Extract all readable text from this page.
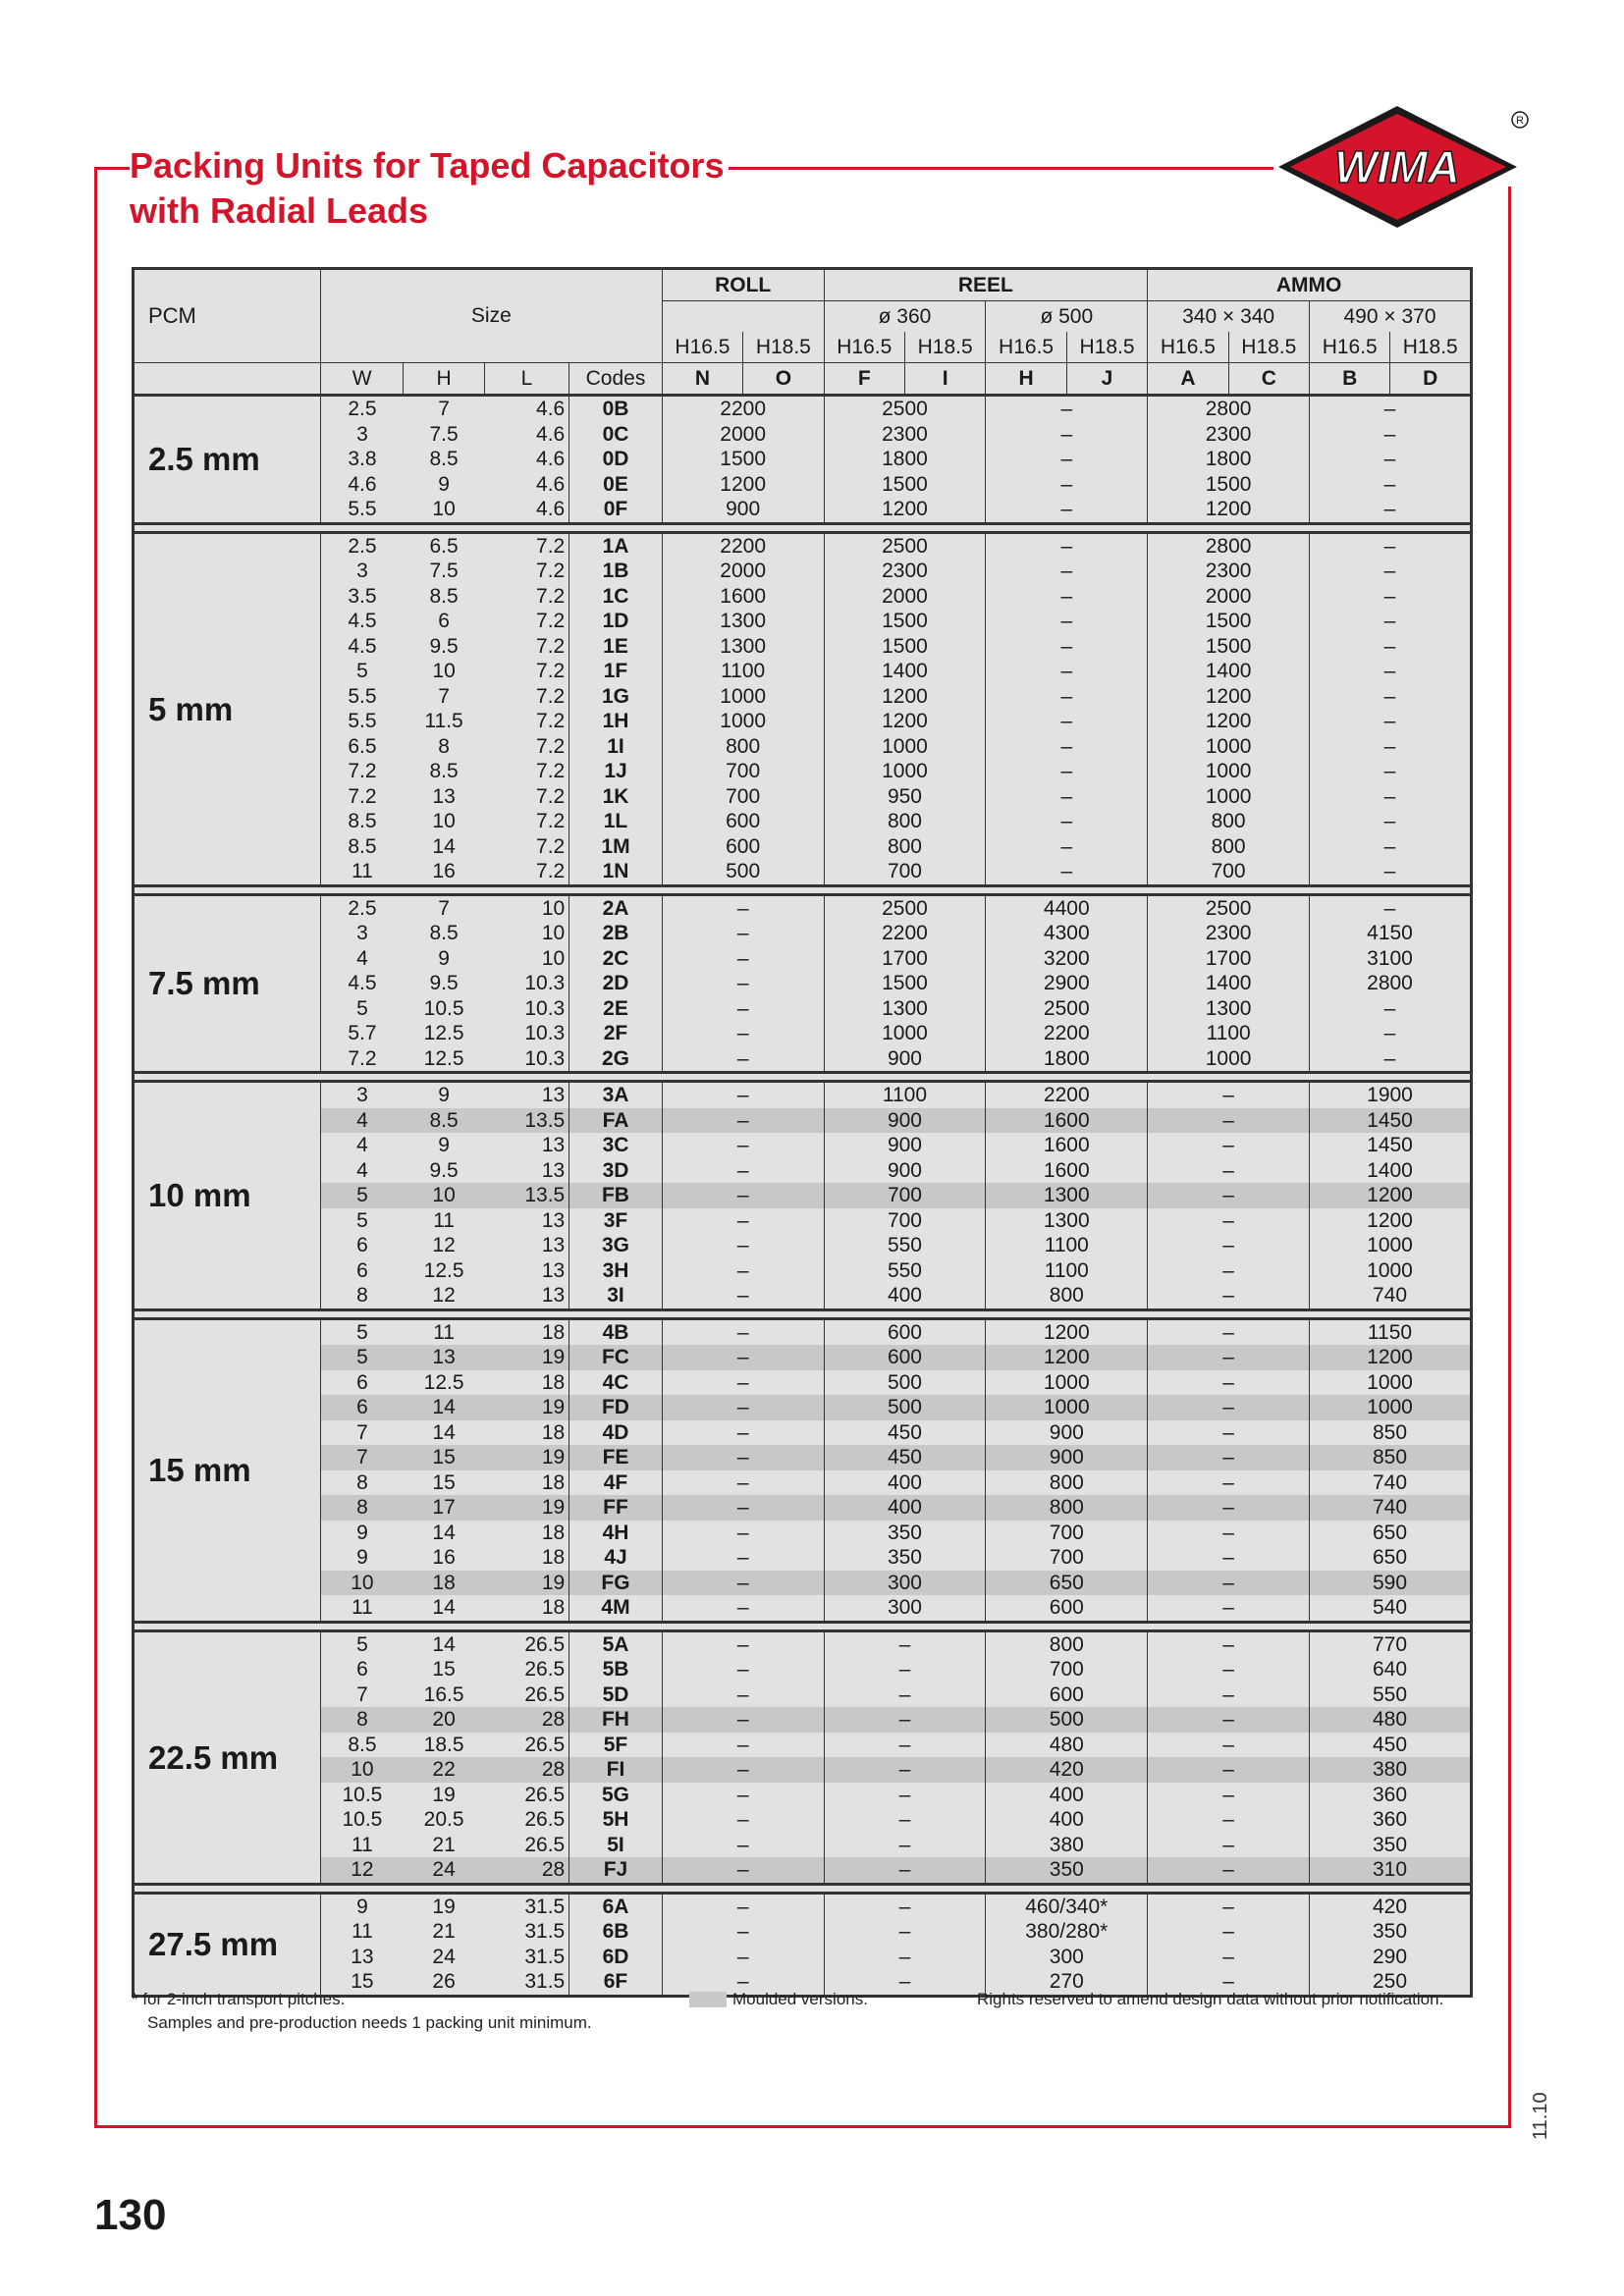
Packing Units for Taped Capacitors
with Radial Leads
WIMA
R
PCM	Size				ROLL		REEL				AMMO			
							ø 360		ø 500		340 × 340		490 × 370	
					H16.5	H18.5	H16.5	H18.5	H16.5	H18.5	H16.5	H18.5	H16.5	H18.5
	W	H	L	Codes	N	O	F	I	H	J	A	C	B	D
2.5 mm	2.5	7	4.6	0B	2200		2500		–		2800		–	
	3	7.5	4.6	0C	2000		2300		–		2300		–	
	3.8	8.5	4.6	0D	1500		1800		–		1800		–	
	4.6	9	4.6	0E	1200		1500		–		1500		–	
	5.5	10	4.6	0F	900		1200		–		1200		–	

5 mm	2.5	6.5	7.2	1A	2200		2500		–		2800		–	
	3	7.5	7.2	1B	2000		2300		–		2300		–	
	3.5	8.5	7.2	1C	1600		2000		–		2000		–	
	4.5	6	7.2	1D	1300		1500		–		1500		–	
	4.5	9.5	7.2	1E	1300		1500		–		1500		–	
	5	10	7.2	1F	1100		1400		–		1400		–	
	5.5	7	7.2	1G	1000		1200		–		1200		–	
	5.5	11.5	7.2	1H	1000		1200		–		1200		–	
	6.5	8	7.2	1I	800		1000		–		1000		–	
	7.2	8.5	7.2	1J	700		1000		–		1000		–	
	7.2	13	7.2	1K	700		950		–		1000		–	
	8.5	10	7.2	1L	600		800		–		800		–	
	8.5	14	7.2	1M	600		800		–		800		–	
	11	16	7.2	1N	500		700		–		700		–	

7.5 mm	2.5	7	10	2A	–		2500		4400		2500		–	
	3	8.5	10	2B	–		2200		4300		2300		4150	
	4	9	10	2C	–		1700		3200		1700		3100	
	4.5	9.5	10.3	2D	–		1500		2900		1400		2800	
	5	10.5	10.3	2E	–		1300		2500		1300		–	
	5.7	12.5	10.3	2F	–		1000		2200		1100		–	
	7.2	12.5	10.3	2G	–		900		1800		1000		–	

10 mm	3	9	13	3A	–		1100		2200		–		1900	
	4	8.5	13.5	FA	–		900		1600		–		1450	
	4	9	13	3C	–		900		1600		–		1450	
	4	9.5	13	3D	–		900		1600		–		1400	
	5	10	13.5	FB	–		700		1300		–		1200	
	5	11	13	3F	–		700		1300		–		1200	
	6	12	13	3G	–		550		1100		–		1000	
	6	12.5	13	3H	–		550		1100		–		1000	
	8	12	13	3I	–		400		800		–		740	

15 mm	5	11	18	4B	–		600		1200		–		1150	
	5	13	19	FC	–		600		1200		–		1200	
	6	12.5	18	4C	–		500		1000		–		1000	
	6	14	19	FD	–		500		1000		–		1000	
	7	14	18	4D	–		450		900		–		850	
	7	15	19	FE	–		450		900		–		850	
	8	15	18	4F	–		400		800		–		740	
	8	17	19	FF	–		400		800		–		740	
	9	14	18	4H	–		350		700		–		650	
	9	16	18	4J	–		350		700		–		650	
	10	18	19	FG	–		300		650		–		590	
	11	14	18	4M	–		300		600		–		540	

22.5 mm	5	14	26.5	5A	–		–		800		–		770	
	6	15	26.5	5B	–		–		700		–		640	
	7	16.5	26.5	5D	–		–		600		–		550	
	8	20	28	FH	–		–		500		–		480	
	8.5	18.5	26.5	5F	–		–		480		–		450	
	10	22	28	FI	–		–		420		–		380	
	10.5	19	26.5	5G	–		–		400		–		360	
	10.5	20.5	26.5	5H	–		–		400		–		360	
	11	21	26.5	5I	–		–		380		–		350	
	12	24	28	FJ	–		–		350		–		310	

27.5 mm	9	19	31.5	6A	–		–		460/340*		–		420	
	11	21	31.5	6B	–		–		380/280*		–		350	
	13	24	31.5	6D	–		–		300		–		290	
	15	26	31.5	6F	–		–		270		–		250	
* for 2-inch transport pitches.
Samples and pre-production needs 1 packing unit minimum.
Moulded versions.	Rights reserved to amend design data without prior notification.
130
11.10
